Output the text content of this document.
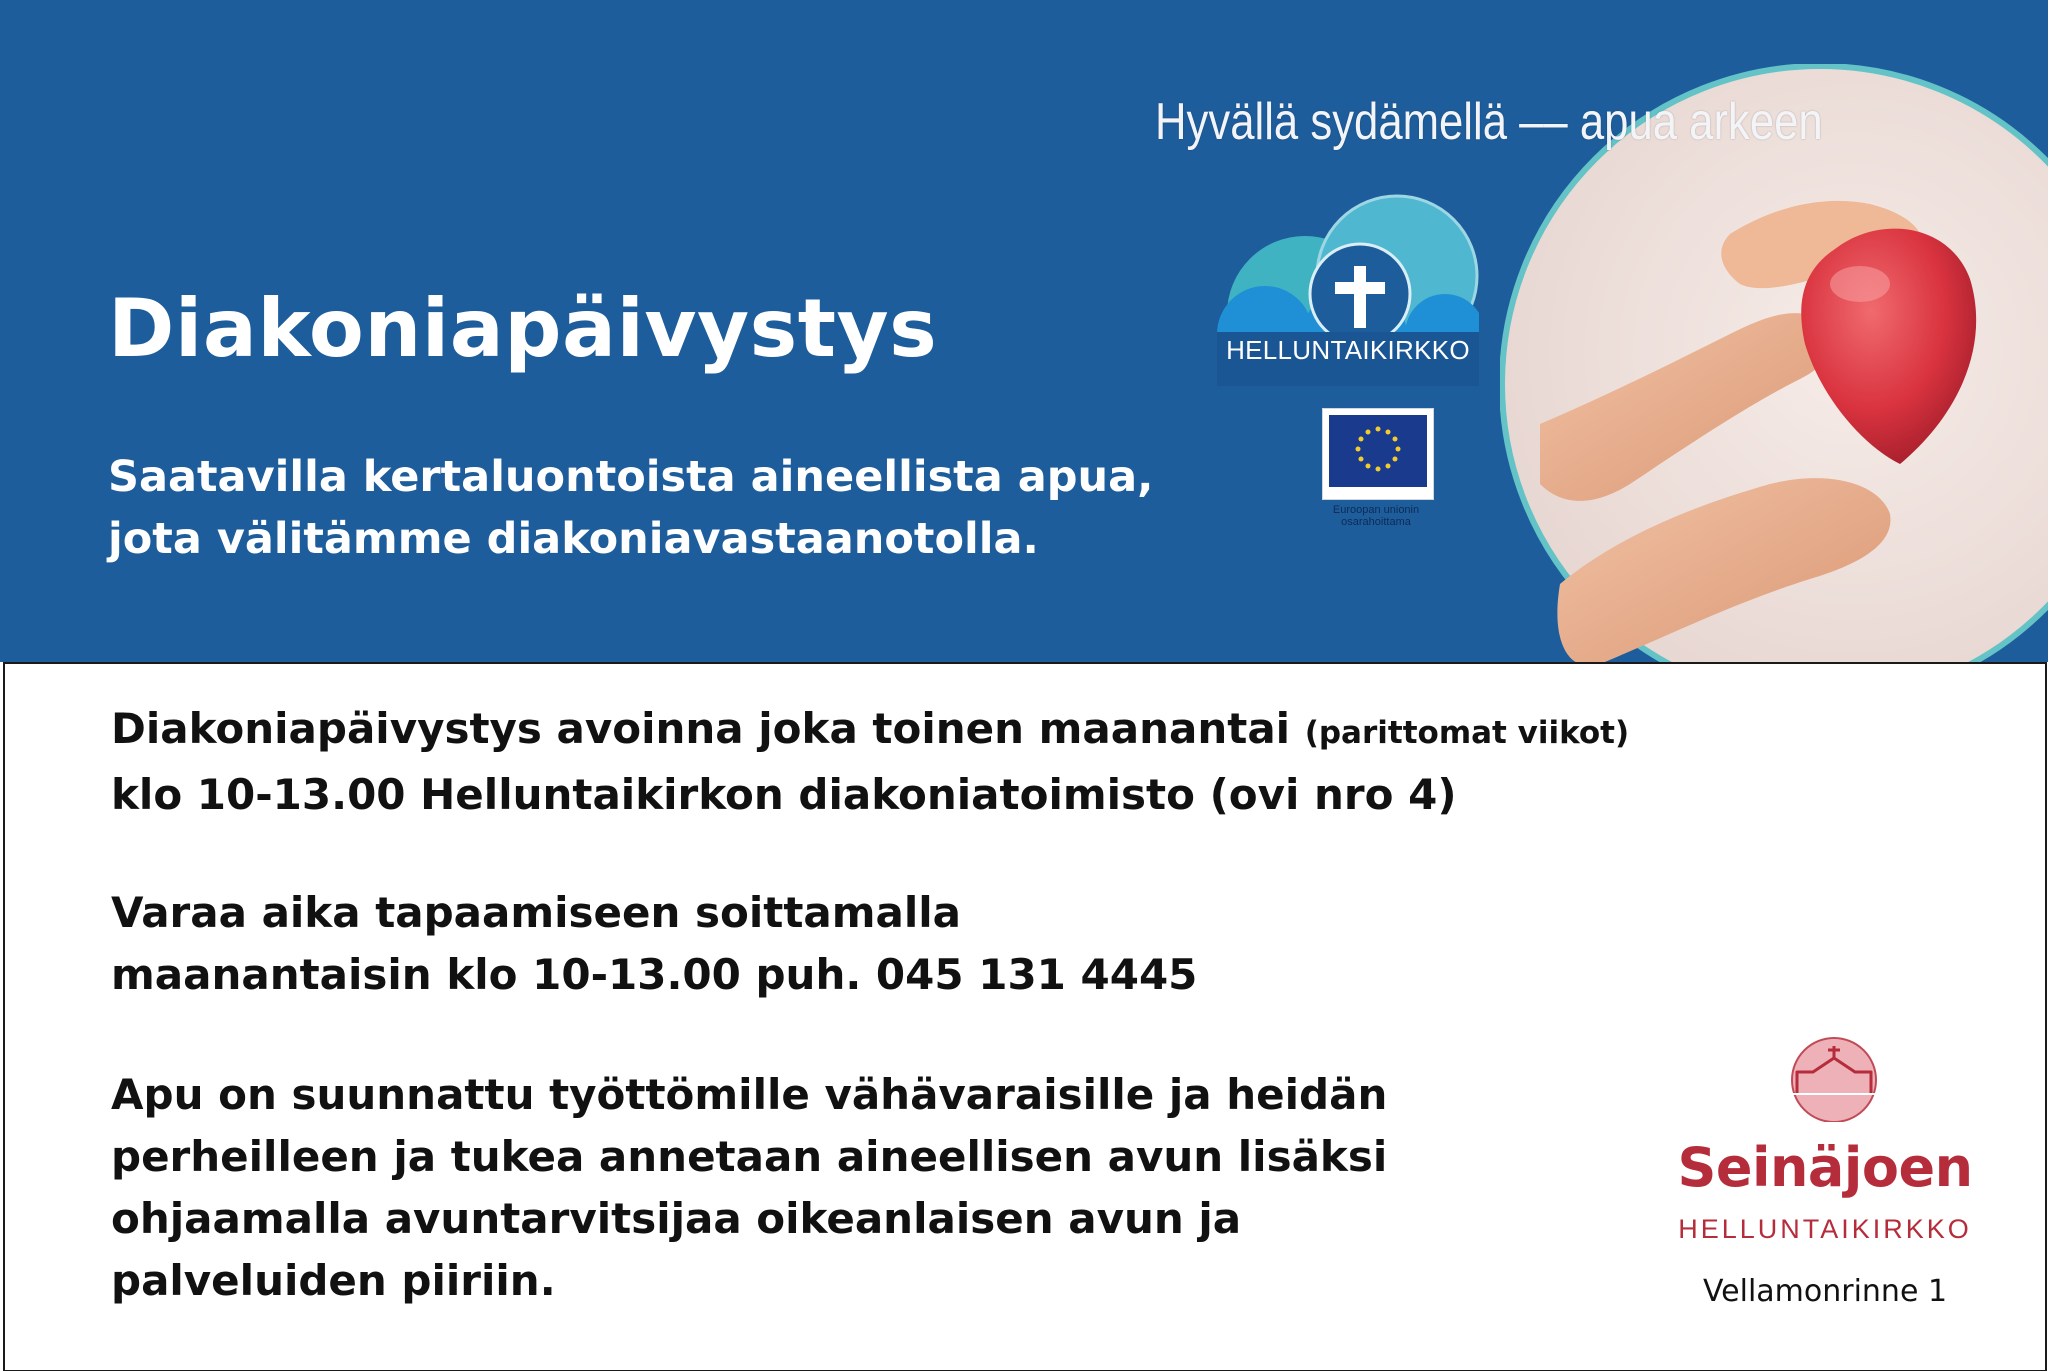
Hyvällä sydämellä –– apua arkeen
Diakoniapäivystys
Saatavilla kertaluontoista aineellista apua,
jota välitämme diakoniavastaanotolla.
HELLUNTAIKIRKKO
Euroopan unionin osarahoittama
Diakoniapäivystys avoinna joka toinen maanantai (parittomat viikot)
klo 10-13.00 Helluntaikirkon diakoniatoimisto (ovi nro 4)
Varaa aika tapaamiseen soittamalla
maanantaisin klo 10-13.00 puh. 045 131 4445
Apu on suunnattu työttömille vähävaraisille ja heidän
perheilleen ja tukea annetaan aineellisen avun lisäksi
ohjaamalla avuntarvitsijaa oikeanlaisen avun ja
palveluiden piiriin.
Seinäjoen
HELLUNTAIKIRKKO
Vellamonrinne 1
